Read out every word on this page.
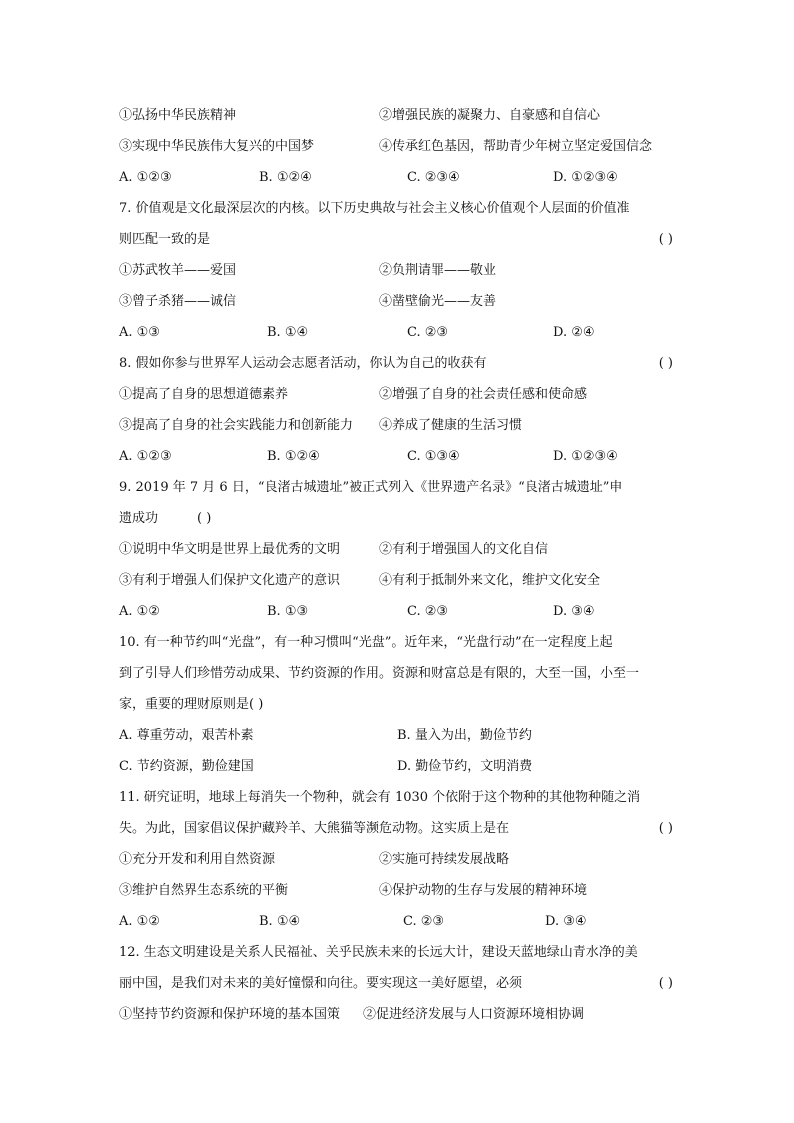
①弘扬中华民族精神	②增强民族的凝聚力、自豪感和自信心
③实现中华民族伟大复兴的中国梦	④传承红色基因，帮助青少年树立坚定爱国信念
A. ①②③	B. ①②④	C. ②③④	D. ①②③④
7. 价值观是文化最深层次的内核。以下历史典故与社会主义核心价值观个人层面的价值准
则匹配一致的是	( )
①苏武牧羊——爱国	②负荆请罪——敬业
③曾子杀猪——诚信	④凿壁偷光——友善
A. ①③	B. ①④	C. ②③	D. ②④
8. 假如你参与世界军人运动会志愿者活动，你认为自己的收获有	( )
①提高了自身的思想道德素养	②增强了自身的社会责任感和使命感
③提高了自身的社会实践能力和创新能力 ④养成了健康的生活习惯
A. ①②③	B. ①②④	C. ①③④	D. ①②③④
9. 2019 年 7 月 6 日，“良渚古城遗址”被正式列入《世界遗产名录》“良渚古城遗址”申
遗成功	( )
①说明中华文明是世界上最优秀的文明	②有利于增强国人的文化自信
③有利于增强人们保护文化遗产的意识	④有利于抵制外来文化，维护文化安全
A. ①②	B. ①③	C. ②③	D. ③④
10. 有一种节约叫“光盘”，有一种习惯叫“光盘”。近年来，“光盘行动”在一定程度上起
到了引导人们珍惜劳动成果、节约资源的作用。资源和财富总是有限的，大至一国，小至一
家，重要的理财原则是( )
A. 尊重劳动，艰苦朴素	B. 量入为出，勤俭节约
C. 节约资源，勤俭建国	D. 勤俭节约，文明消费
11. 研究证明，地球上每消失一个物种，就会有 1030 个依附于这个物种的其他物种随之消
失。为此，国家倡议保护藏羚羊、大熊猫等濒危动物。这实质上是在	( )
①充分开发和利用自然资源	②实施可持续发展战略
③维护自然界生态系统的平衡	④保护动物的生存与发展的精神环境
A. ①②	B. ①④	C. ②③	D. ③④
12. 生态文明建设是关系人民福祉、关乎民族未来的长远大计，建设天蓝地绿山青水净的美
丽中国，是我们对未来的美好憧憬和向往。要实现这一美好愿望，必须	( )
①坚持节约资源和保护环境的基本国策 ②促进经济发展与人口资源环境相协调
